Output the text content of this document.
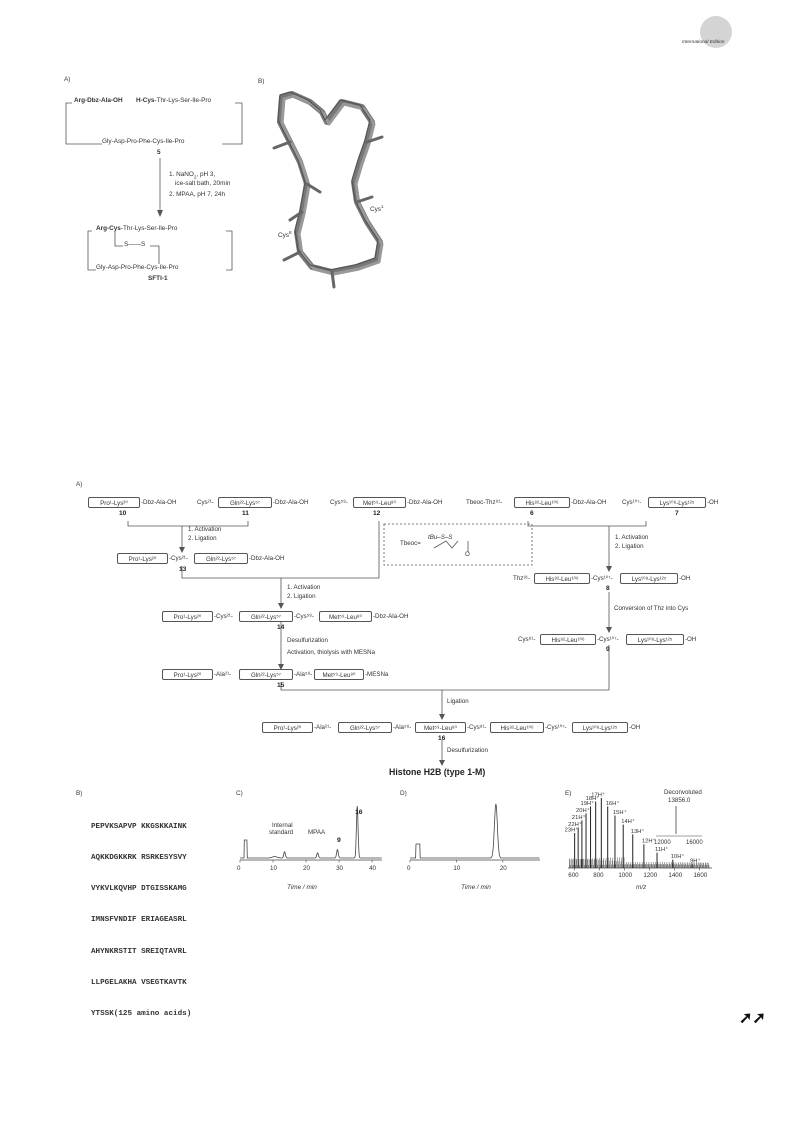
International Edition
A)
Arg-Dbz-Ala-OH H-Cys-Thr-Lys-Ser-Ile-Pro
Gly-Asp-Pro-Phe-Cys-Ile-Pro
5
1. NaNO$_2$, pH 3,
ice-salt bath, 20min
2. MPAA, pH 7, 24h
Arg-Cys-Thr-Lys-Ser-Ile-Pro
S——S
Gly-Asp-Pro-Phe-Cys-Ile-Pro
SFTI-1
B)
Cys$^1$
Cys$^8$
A)
Pro¹-Lys²⁰	-Dbz-Ala-OH
10
Cys²¹-	Gln²²-Lys⁵⁷	-Dbz-Ala-OH
11
Cys⁵⁸-	Met⁵⁹-Leu⁸⁰	-Dbz-Ala-OH
12
Tbeoc-Thz⁸¹-	His⁸²-Leu¹⁰⁶	-Dbz-Ala-OH
6
Cys¹⁰⁷-	Lys¹⁰⁸-Lys¹²⁵	-OH
7
1. Activation
2. Ligation
Tbeoc=
tBu–S–S
O
1. Activation
2. Ligation
Pro¹-Lys²⁰	-Cys²¹-	Gln²²-Lys⁵⁷	-Dbz-Ala-OH
13
Thz⁸¹-	His⁸²-Leu¹⁰⁶	-Cys¹⁰⁷-	Lys¹⁰⁸-Lys¹²⁵	-OH
8
1. Activation
2. Ligation
Conversion of Thz into Cys
Pro¹-Lys²⁰	-Cys²¹-	Gln²²-Lys⁵⁷	-Cys⁵⁸-	Met⁵⁹-Leu⁸⁰	-Dbz-Ala-OH
14
Cys⁸¹-	His⁸²-Leu¹⁰⁶	-Cys¹⁰⁷-	Lys¹⁰⁸-Lys¹²⁵	-OH
9
Desulfurization
Activation, thiolysis with MESNa
Pro¹-Lys²⁰	-Ala²¹-	Gln²²-Lys⁵⁷	-Ala⁵⁸-	Met⁵⁹-Leu⁸⁰	-MESNa
15
Ligation
Pro¹-Lys²⁰	-Ala²¹-	Gln²²-Lys⁵⁷	-Ala⁵⁸-	Met⁵⁹-Leu⁸⁰	-Cys⁸¹-	His⁸²-Leu¹⁰⁶	-Cys¹⁰⁷-	Lys¹⁰⁸-Lys¹²⁵	-OH
16
Desulfurization
Histone H2B (type 1-M)
B)

PEPVKSAPVP KKGSKKAINK

AQKKDGKKRK RSRKESYSVY

VYKVLKQVHP DTGISSKAMG

IMNSFVNDIF ERIAGEASRL

AHYNKRSTIT SREIQTAVRL

LLPGELAKHA VSEGTKAVTK

YTSSK(125 amino acids)

C)
0	10	20	30	40
Internal
standard MPAA
9
16
Time / min
D)
0	10	20
Time / min
E)
23H⁺
22H⁺
21H⁺
20H⁺
19H⁺
18H⁺
17H⁺
16H⁺
15H⁺
14H⁺
13H⁺
12H⁺
11H⁺
10H⁺
9H⁺
600 800 1000 1200 1400 1600
Deconvoluted
13856.0
12000	16000
m/z
➚➚
